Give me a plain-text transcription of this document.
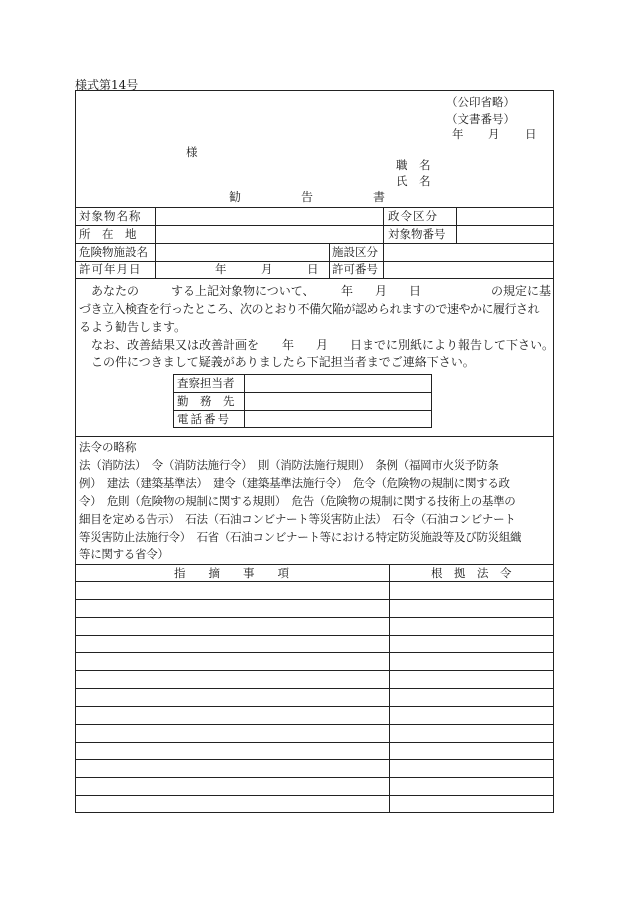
様式第14号
（公印省略）
（文書番号）
年 月 日
様
職　名
氏　名
勧　　　　　告　　　　　書
対象物名称	政令区分
所　在　地	対象物番号
危険物施設名	施設区分
許可年月日	年　　　月　　　日 許可番号
あなたの	する上記対象物について、 年 月 日	の規定に基
づき立入検査を行ったところ、次のとおり不備欠陥が認められますので速やかに履行され
るよう勧告します。
なお、改善結果又は改善計画を 年 月 日までに別紙により報告して下さい。
この件につきまして疑義がありましたら下記担当者までご連絡下さい。
査察担当者
勤　務　先
電話番号
法令の略称
法（消防法）　令（消防法施行令）　則（消防法施行規則）　条例（福岡市火災予防条
例）　建法（建築基準法）　建令（建築基準法施行令）　危令（危険物の規制に関する政
令）　危則（危険物の規制に関する規則）　危告（危険物の規制に関する技術上の基準の
細目を定める告示）　石法（石油コンビナート等災害防止法）　石令（石油コンビナート
等災害防止法施行令）　石省（石油コンビナート等における特定防災施設等及び防災組織
等に関する省令）
指　　摘　　事　　項	根　拠　法　令
